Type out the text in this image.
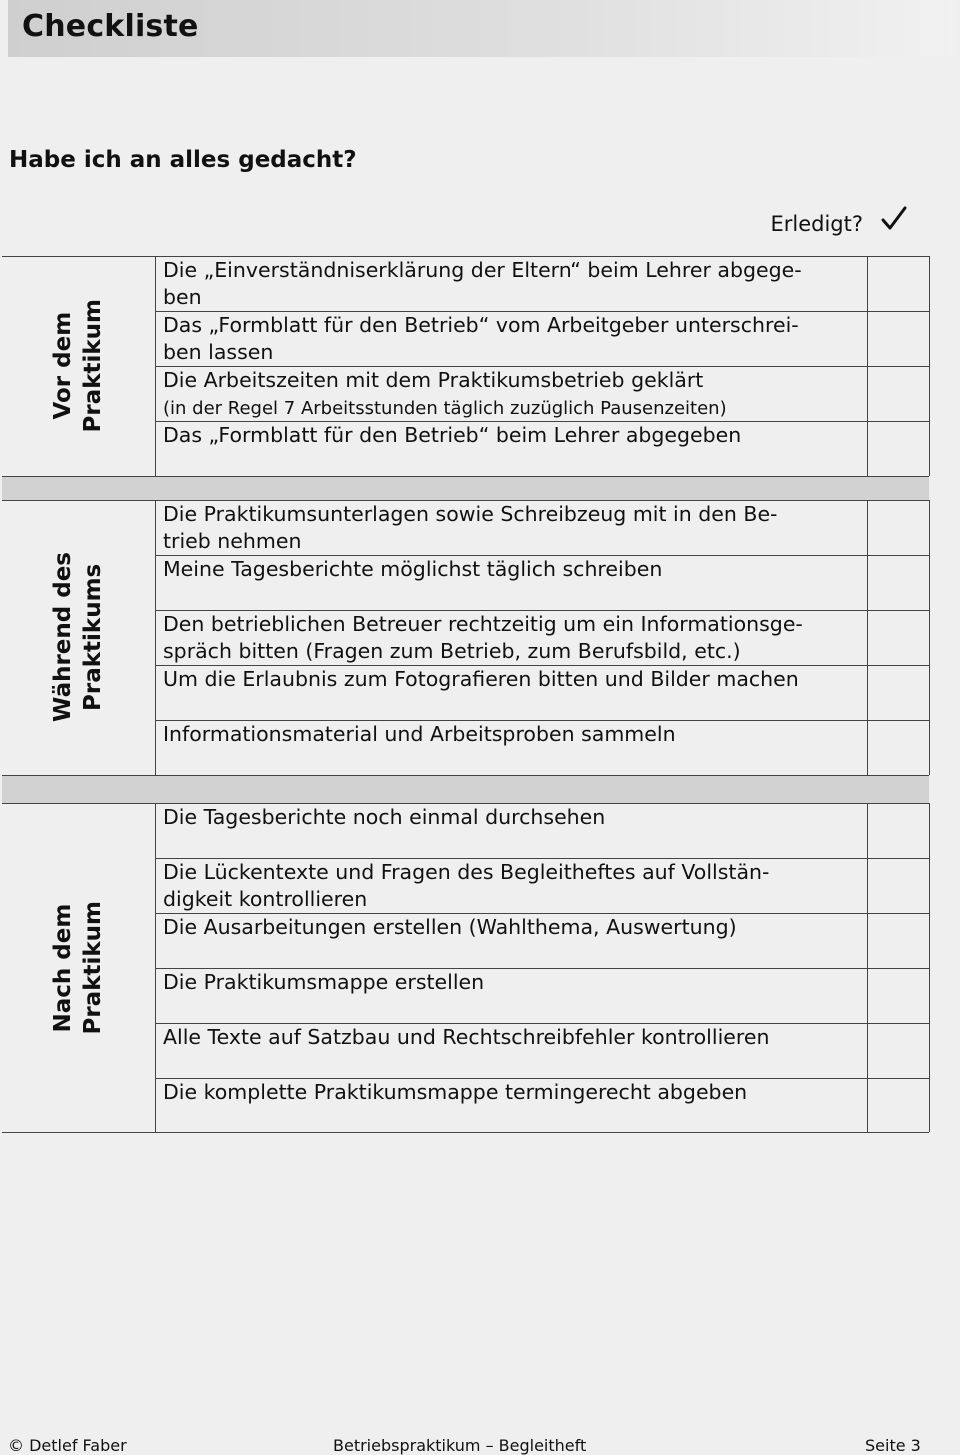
Checkliste
Habe ich an alles gedacht?
Erledigt?
Vor dem
Praktikum
Die „Einverständniserklärung der Eltern“ beim Lehrer abgege-
ben
Das „Formblatt für den Betrieb“ vom Arbeitgeber unterschrei-
ben lassen
Die Arbeitszeiten mit dem Praktikumsbetrieb geklärt
(in der Regel 7 Arbeitsstunden täglich zuzüglich Pausenzeiten)
Das „Formblatt für den Betrieb“ beim Lehrer abgegeben
Während des
Praktikums
Die Praktikumsunterlagen sowie Schreibzeug mit in den Be-
trieb nehmen
Meine Tagesberichte möglichst täglich schreiben
Den betrieblichen Betreuer rechtzeitig um ein Informationsge-
spräch bitten (Fragen zum Betrieb, zum Berufsbild, etc.)
Um die Erlaubnis zum Fotografieren bitten und Bilder machen
Informationsmaterial und Arbeitsproben sammeln
Nach dem
Praktikum
Die Tagesberichte noch einmal durchsehen
Die Lückentexte und Fragen des Begleitheftes auf Vollstän-
digkeit kontrollieren
Die Ausarbeitungen erstellen (Wahlthema, Auswertung)
Die Praktikumsmappe erstellen
Alle Texte auf Satzbau und Rechtschreibfehler kontrollieren
Die komplette Praktikumsmappe termingerecht abgeben
© Detlef Faber	Betriebspraktikum – Begleitheft	Seite 3
